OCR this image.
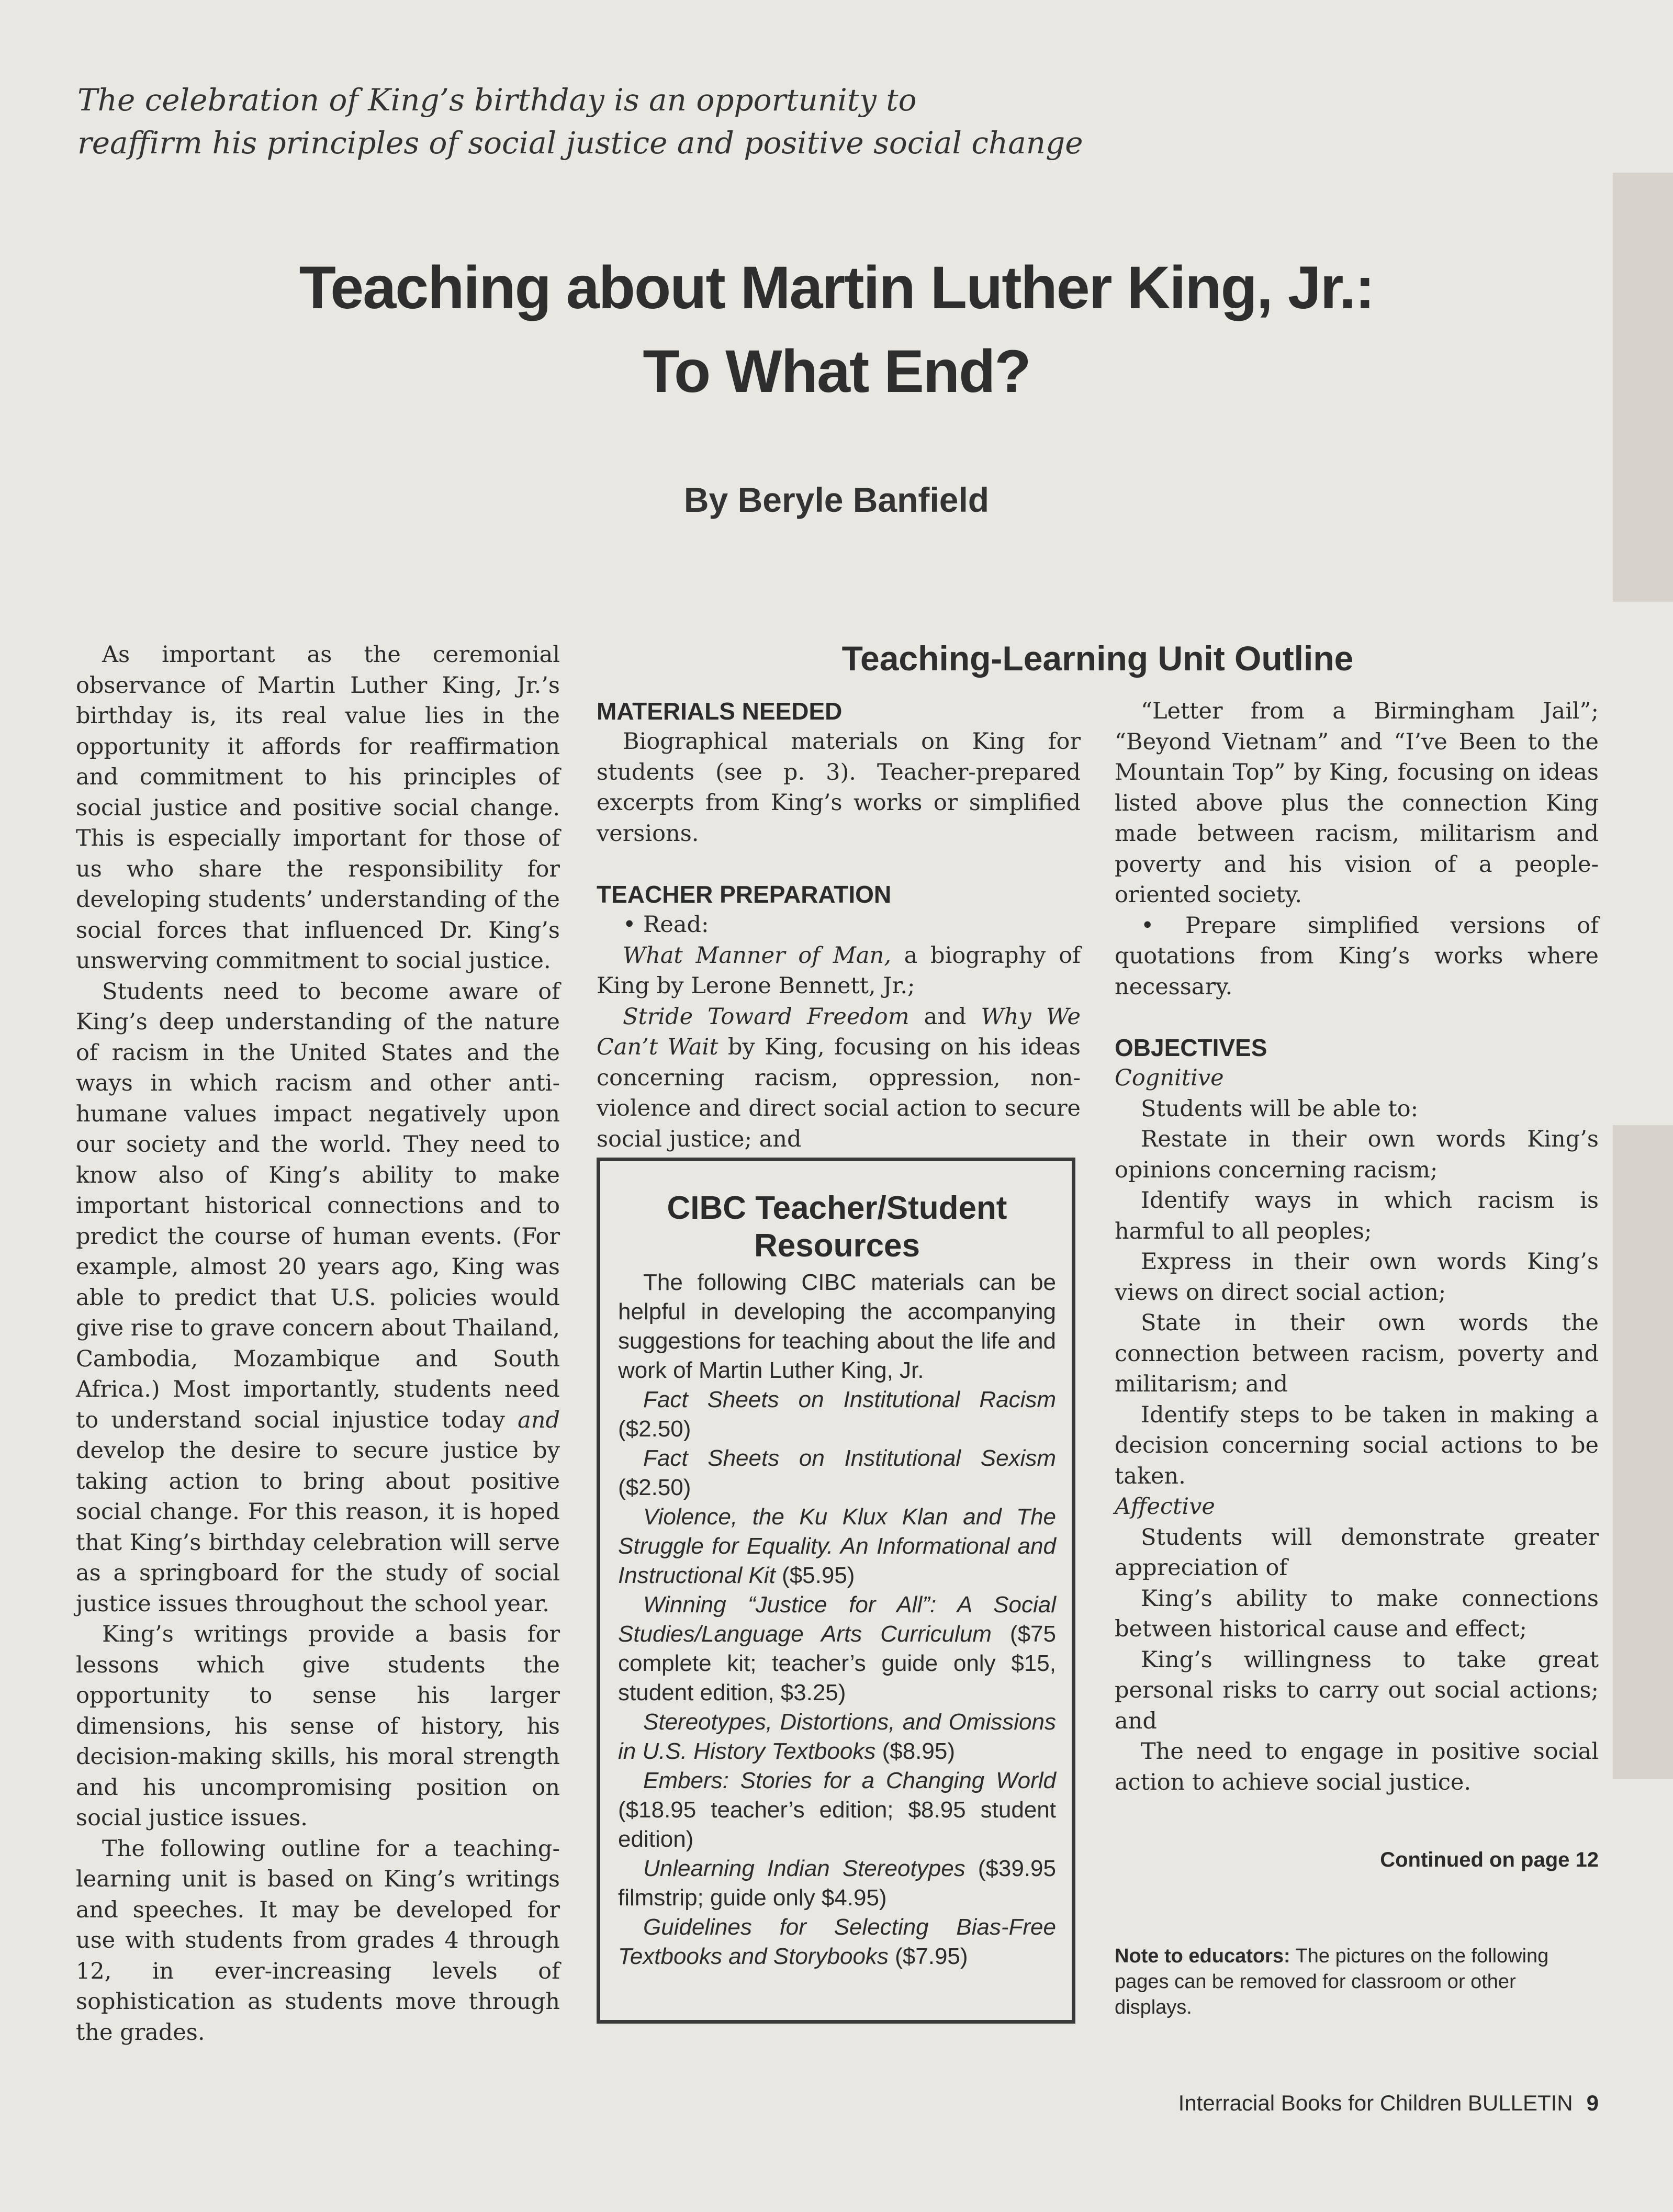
The celebration of King’s birthday is an opportunity to
reaffirm his principles of social justice and positive social change
Teaching about Martin Luther King, Jr.:
To What End?
By Beryle Banfield

As important as the ceremonial observance of Martin Luther King, Jr.’s birthday is, its real value lies in the opportunity it affords for reaffirmation and commitment to his principles of social justice and positive social change. This is especially important for those of us who share the responsibility for developing students’ understanding of the social forces that influenced Dr. King’s unswerving commitment to social justice.

Students need to become aware of King’s deep understanding of the nature of racism in the United States and the ways in which racism and other anti-humane values impact negatively upon our society and the world. They need to know also of King’s ability to make important historical connections and to predict the course of human events. (For example, almost 20 years ago, King was able to predict that U.S. policies would give rise to grave concern about Thailand, Cambodia, Mozambique and South Africa.) Most importantly, students need to understand social injustice today and develop the desire to secure justice by taking action to bring about positive social change. For this reason, it is hoped that King’s birthday celebration will serve as a springboard for the study of social justice issues throughout the school year.

King’s writings provide a basis for lessons which give students the opportunity to sense his larger dimensions, his sense of history, his decision-making skills, his moral strength and his uncompromising position on social justice issues.

The following outline for a teaching-learning unit is based on King’s writings and speeches. It may be developed for use with students from grades 4 through 12, in ever-increasing levels of sophistication as students move through the grades.

Teaching-Learning Unit Outline

MATERIALS NEEDED

Biographical materials on King for students (see p. 3). Teacher-prepared excerpts from King’s works or simplified versions.

TEACHER PREPARATION

• Read:

What Manner of Man, a biography of King by Lerone Bennett, Jr.;

Stride Toward Freedom and Why We Can’t Wait by King, focusing on his ideas concerning racism, oppression, non-violence and direct social action to secure social justice; and

CIBC Teacher/Student Resources

The following CIBC materials can be helpful in developing the accompanying suggestions for teaching about the life and work of Martin Luther King, Jr.

Fact Sheets on Institutional Racism ($2.50)

Fact Sheets on Institutional Sexism ($2.50)

Violence, the Ku Klux Klan and The Struggle for Equality. An Informational and Instructional Kit ($5.95)

Winning “Justice for All”: A Social Studies/Language Arts Curriculum ($75 complete kit; teacher’s guide only $15, student edition, $3.25)

Stereotypes, Distortions, and Omissions in U.S. History Textbooks ($8.95)

Embers: Stories for a Changing World ($18.95 teacher’s edition; $8.95 student edition)

Unlearning Indian Stereotypes ($39.95 filmstrip; guide only $4.95)

Guidelines for Selecting Bias-Free Textbooks and Storybooks ($7.95)

“Letter from a Birmingham Jail”; “Beyond Vietnam” and “I’ve Been to the Mountain Top” by King, focusing on ideas listed above plus the connection King made between racism, militarism and poverty and his vision of a people-oriented society.

• Prepare simplified versions of quotations from King’s works where necessary.

OBJECTIVES

Cognitive

Students will be able to:

Restate in their own words King’s opinions concerning racism;

Identify ways in which racism is harmful to all peoples;

Express in their own words King’s views on direct social action;

State in their own words the connection between racism, poverty and militarism; and

Identify steps to be taken in making a decision concerning social actions to be taken.

Affective

Students will demonstrate greater appreciation of

King’s ability to make connections between historical cause and effect;

King’s willingness to take great personal risks to carry out social actions; and

The need to engage in positive social action to achieve social justice.

Continued on page 12
Note to educators: The pictures on the following pages can be removed for classroom or other displays.
Interracial Books for Children BULLETIN 9
